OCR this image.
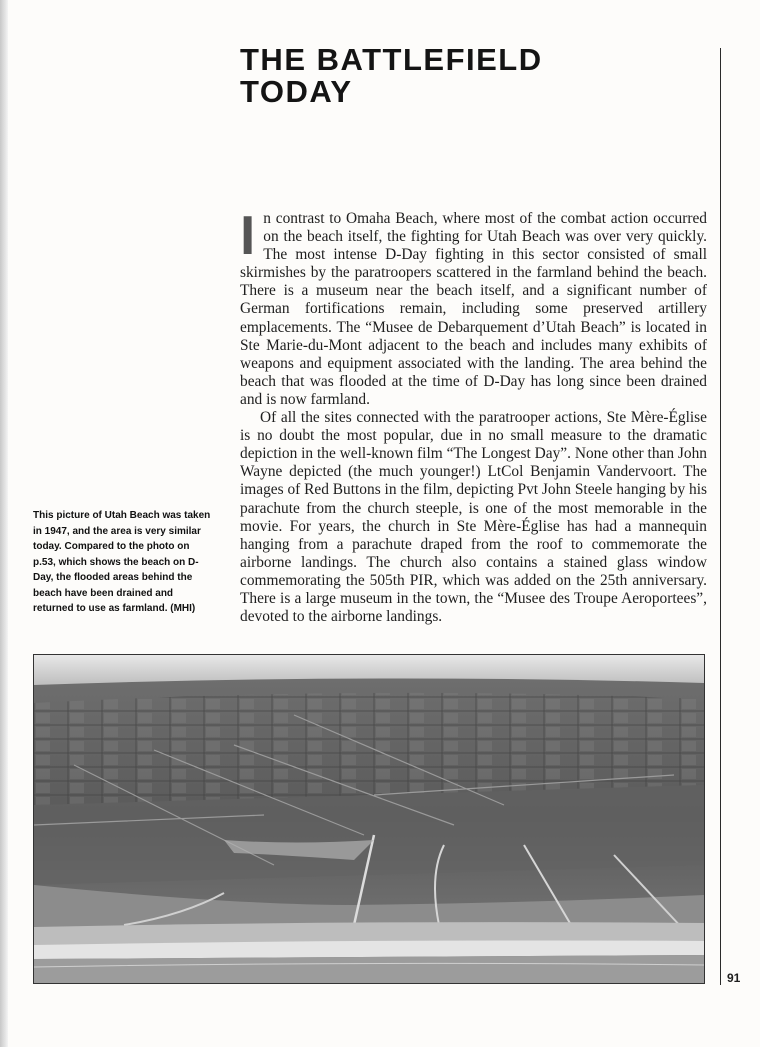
THE BATTLEFIELD
TODAY

In contrast to Omaha Beach, where most of the combat action occurred on the beach itself, the fighting for Utah Beach was over very quickly. The most intense D-Day fighting in this sector consisted of small skirmishes by the paratroopers scattered in the farmland behind the beach. There is a museum near the beach itself, and a significant number of German fortifications remain, including some preserved artillery emplacements. The “Musee de Debarquement d’Utah Beach” is located in Ste Marie-du-Mont adjacent to the beach and includes many exhibits of weapons and equipment associated with the landing. The area behind the beach that was flooded at the time of D-Day has long since been drained and is now farmland.

Of all the sites connected with the paratrooper actions, Ste Mère-Église is no doubt the most popular, due in no small measure to the dramatic depiction in the well-known film “The Longest Day”. None other than John Wayne depicted (the much younger!) LtCol Benjamin Vandervoort. The images of Red Buttons in the film, depicting Pvt John Steele hanging by his parachute from the church steeple, is one of the most memorable in the movie. For years, the church in Ste Mère-Église has had a mannequin hanging from a parachute draped from the roof to commemorate the airborne landings. The church also contains a stained glass window commemorating the 505th PIR, which was added on the 25th anniversary. There is a large museum in the town, the “Musee des Troupe Aeroportees”, devoted to the airborne landings.

This picture of Utah Beach was taken in 1947, and the area is very similar today. Compared to the photo on p.53, which shows the beach on D-Day, the flooded areas behind the beach have been drained and returned to use as farmland. (MHI)

91
